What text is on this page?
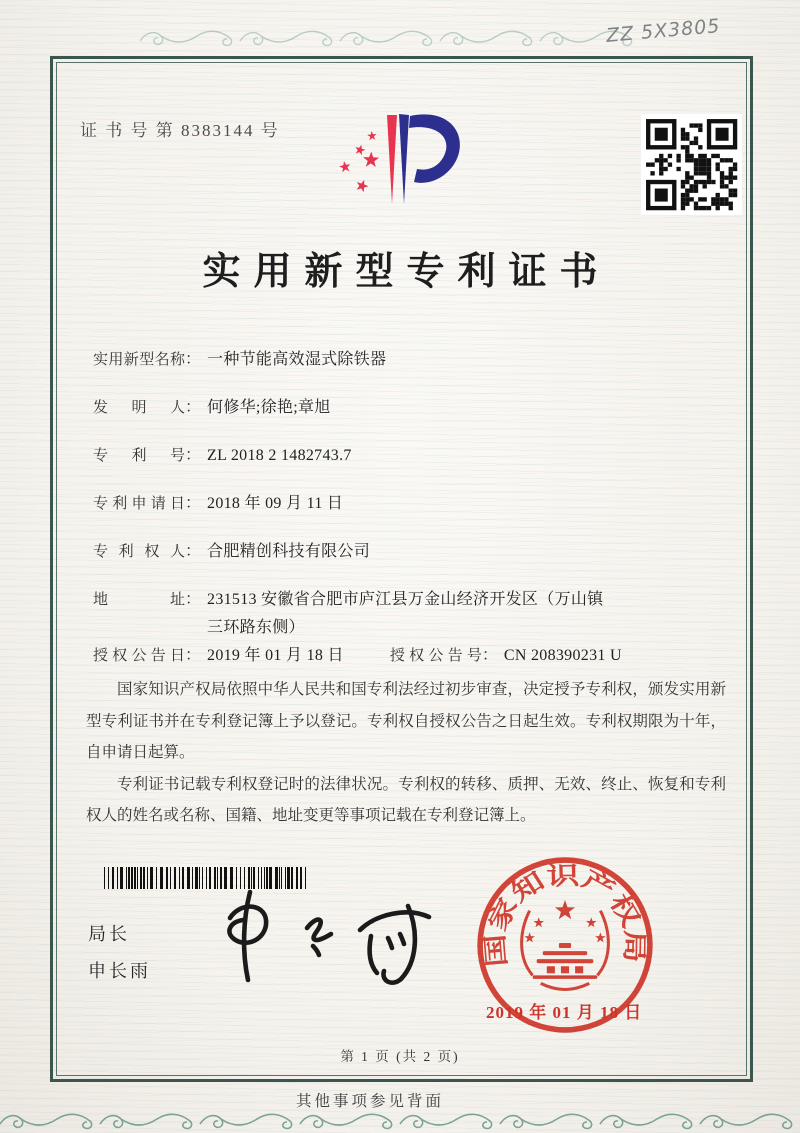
ZZ 5X3805
证 书 号 第 8383144 号
实用新型专利证书
实用新型名称 ： 一种节能高效湿式除铁器
发明人 ： 何修华;徐艳;章旭
专利号 ： ZL 2018 2 1482743.7
专利申请日 ： 2018 年 09 月 11 日
专利权人 ： 合肥精创科技有限公司
地址 ： 231513 安徽省合肥市庐江县万金山经济开发区（万山镇三环路东侧）
授权公告日 ： 2019 年 01 月 18 日	授权公告号 ： CN 208390231 U

国家知识产权局依照中华人民共和国专利法经过初步审查，决定授予专利权，颁发实用新型专利证书并在专利登记簿上予以登记。专利权自授权公告之日起生效。专利权期限为十年，自申请日起算。

专利证书记载专利权登记时的法律状况。专利权的转移、质押、无效、终止、恢复和专利权人的姓名或名称、国籍、地址变更等事项记载在专利登记簿上。

局长
申长雨
国家知识产权局
2019 年 01 月 18 日
第 1 页 (共 2 页)
其他事项参见背面
